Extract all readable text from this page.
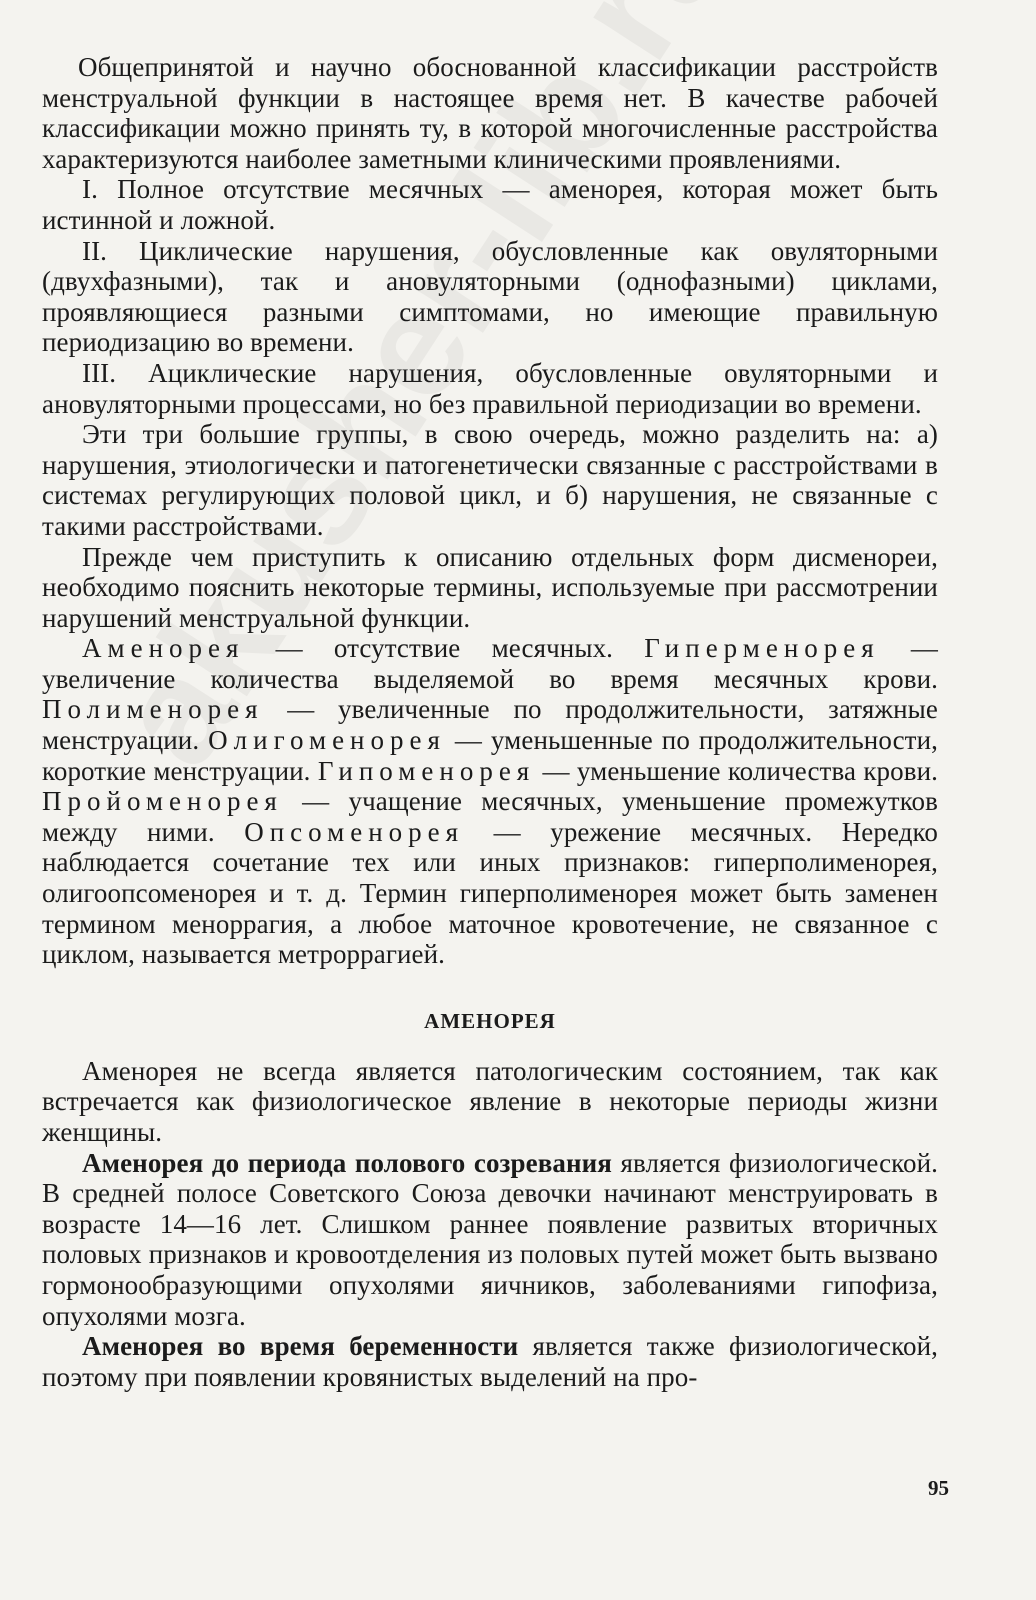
Общепринятой и научно обоснованной классификации расстройств менструальной функции в настоящее время нет. В качестве рабочей классификации можно принять ту, в которой многочисленные расстройства характеризуются наиболее заметными клиническими проявлениями.

I. Полное отсутствие месячных — аменорея, которая может быть истинной и ложной.

II. Циклические нарушения, обусловленные как овуляторными (двухфазными), так и ановуляторными (однофазными) циклами, проявляющиеся разными симптомами, но имеющие правильную периодизацию во времени.

III. Ациклические нарушения, обусловленные овуляторными и ановуляторными процессами, но без правильной периодизации во времени.

Эти три большие группы, в свою очередь, можно разделить на: а) нарушения, этиологически и патогенетически связанные с расстройствами в системах регулирующих половой цикл, и б) нарушения, не связанные с такими расстройствами.

Прежде чем приступить к описанию отдельных форм дисменореи, необходимо пояснить некоторые термины, используемые при рассмотрении нарушений менструальной функции.

Аменорея — отсутствие месячных. Гиперменорея — увеличение количества выделяемой во время месячных крови. Полименорея — увеличенные по продолжительности, затяжные менструации. Олигоменорея — уменьшенные по продолжительности, короткие менструации. Гипоменорея — уменьшение количества крови. Пройоменорея — учащение месячных, уменьшение промежутков между ними. Опсоменорея — урежение месячных. Нередко наблюдается сочетание тех или иных признаков: гиперполименорея, олигоопсоменорея и т. д. Термин гиперполименорея может быть заменен термином меноррагия, а любое маточное кровотечение, не связанное с циклом, называется метроррагией.

АМЕНОРЕЯ

Аменорея не всегда является патологическим состоянием, так как встречается как физиологическое явление в некоторые периоды жизни женщины.

Аменорея до периода полового созревания является физиологической. В средней полосе Советского Союза девочки начинают менструировать в возрасте 14—16 лет. Слишком раннее появление развитых вторичных половых признаков и кровоотделения из половых путей может быть вызвано гормонообразующими опухолями яичников, заболеваниями гипофиза, опухолями мозга.

Аменорея во время беременности является также физиологической, поэтому при появлении кровянистых выделений на про-

95
